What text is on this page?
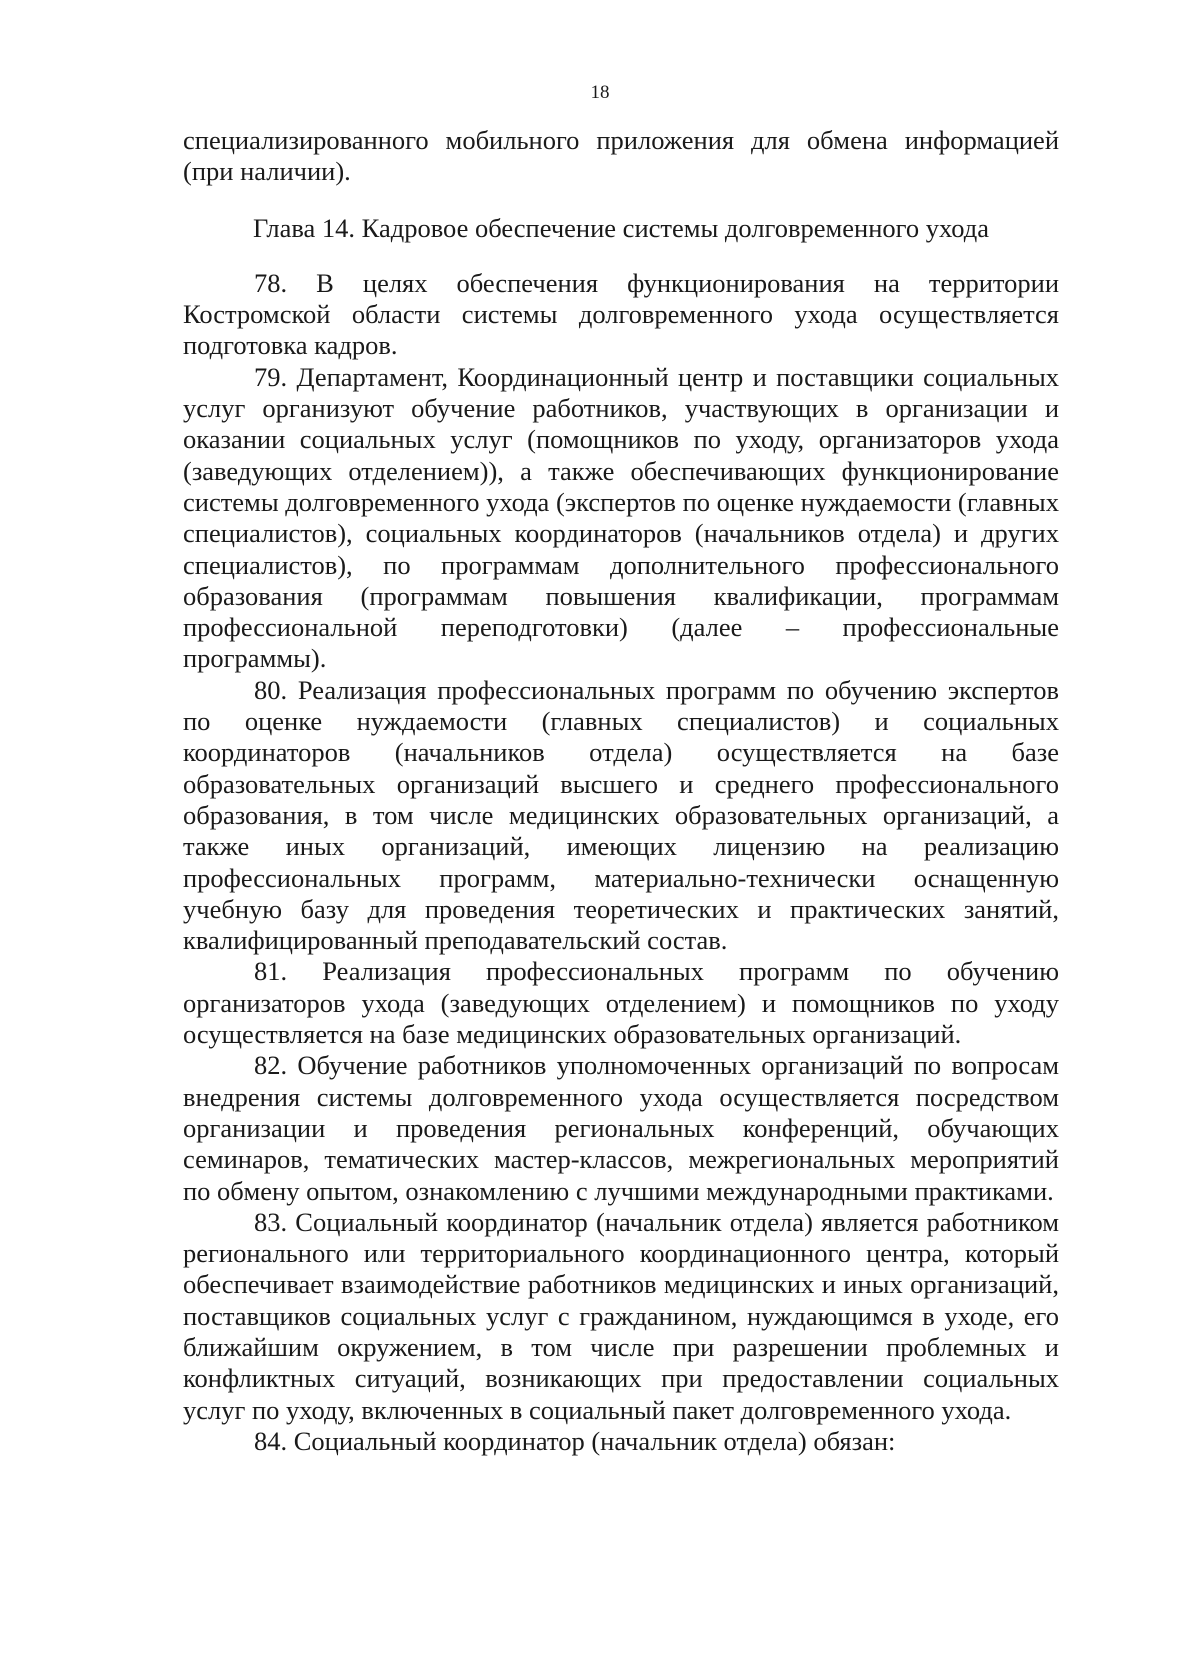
18

специализированного мобильного приложения для обмена информацией (при наличии).

Глава 14. Кадровое обеспечение системы долговременного ухода

78. В целях обеспечения функционирования на территории Костромской области системы долговременного ухода осуществляется подготовка кадров.

79. Департамент, Координационный центр и поставщики социальных услуг организуют обучение работников, участвующих в организации и оказании социальных услуг (помощников по уходу, организаторов ухода (заведующих отделением)), а также обеспечивающих функционирование системы долговременного ухода (экспертов по оценке нуждаемости (главных специалистов), социальных координаторов (начальников отдела) и других специалистов), по программам дополнительного профессионального образования (программам повышения квалификации, программам профессиональной переподготовки) (далее – профессиональные программы).

80. Реализация профессиональных программ по обучению экспертов по оценке нуждаемости (главных специалистов) и социальных координаторов (начальников отдела) осуществляется на базе образовательных организаций высшего и среднего профессионального образования, в том числе медицинских образовательных организаций, а также иных организаций, имеющих лицензию на реализацию профессиональных программ, материально-технически оснащенную учебную базу для проведения теоретических и практических занятий, квалифицированный преподавательский состав.

81. Реализация профессиональных программ по обучению организаторов ухода (заведующих отделением) и помощников по уходу осуществляется на базе медицинских образовательных организаций.

82. Обучение работников уполномоченных организаций по вопросам внедрения системы долговременного ухода осуществляется посредством организации и проведения региональных конференций, обучающих семинаров, тематических мастер-классов, межрегиональных мероприятий по обмену опытом, ознакомлению с лучшими международными практиками.

83. Социальный координатор (начальник отдела) является работником регионального или территориального координационного центра, который обеспечивает взаимодействие работников медицинских и иных организаций, поставщиков социальных услуг с гражданином, нуждающимся в уходе, его ближайшим окружением, в том числе при разрешении проблемных и конфликтных ситуаций, возникающих при предоставлении социальных услуг по уходу, включенных в социальный пакет долговременного ухода.

84. Социальный координатор (начальник отдела) обязан:
